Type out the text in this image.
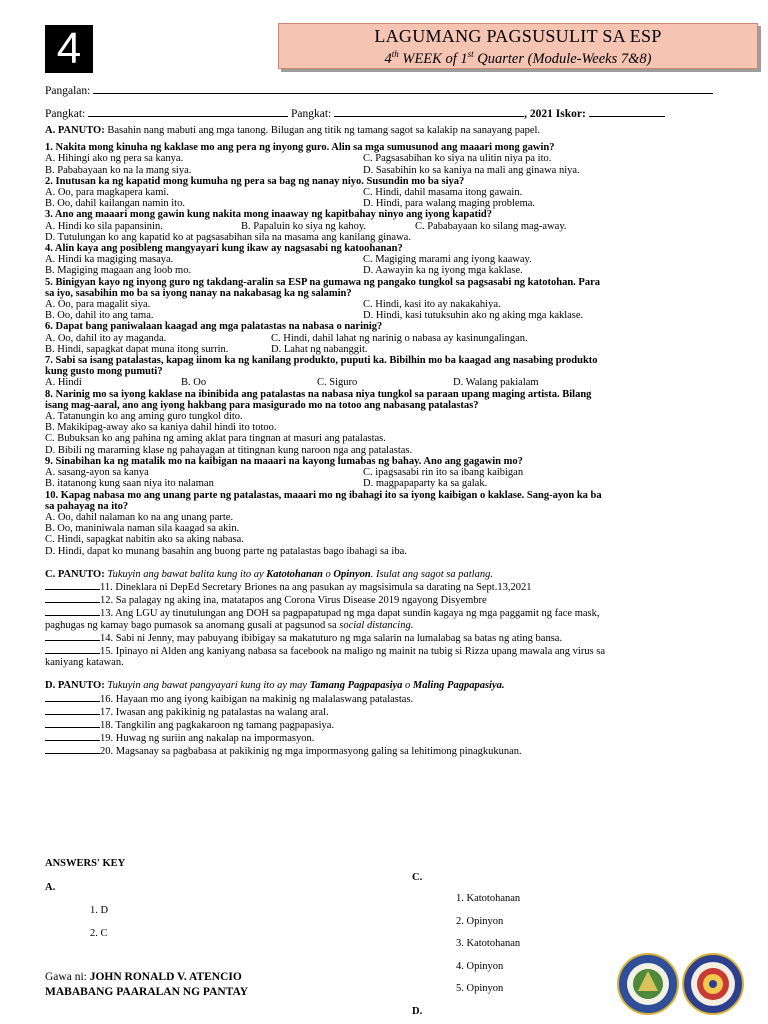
4	LAGUMANG PAGSUSULIT SA ESP
4th WEEK of 1st Quarter (Module-Weeks 7&8)
Pangalan:
Pangkat:	Pangkat:	, 2021 Iskor:
A. PANUTO: Basahin nang mabuti ang mga tanong. Bilugan ang titik ng tamang sagot sa kalakip na sanayang papel.
1. Nakita mong kinuha ng kaklase mo ang pera ng inyong guro. Alin sa mga sumusunod ang maaari mong gawin?
A. Hihingi ako ng pera sa kanya.	C. Pagsasabihan ko siya na ulitin niya pa ito.
B. Pababayaan ko na la mang siya.	D. Sasabihin ko sa kaniya na mali ang ginawa niya.
2. Inutusan ka ng kapatid mong kumuha ng pera sa bag ng nanay niyo. Susundin mo ba siya?
A. Oo, para magkapera kami.	C. Hindi, dahil masama itong gawain.
B. Oo, dahil kailangan namin ito.	D. Hindi, para walang maging problema.
3. Ano ang maaari mong gawin kung nakita mong inaaway ng kapitbahay ninyo ang iyong kapatid?
A. Hindi ko sila papansinin.	B. Papaluin ko siya ng kahoy.	C. Pababayaan ko silang mag-away.
D. Tutulungan ko ang kapatid ko at pagsasabihan sila na masama ang kanilang ginawa.
4. Alin kaya ang posibleng mangyayari kung ikaw ay nagsasabi ng katoohanan?
A. Hindi ka magiging masaya.	C. Magiging marami ang iyong kaaway.
B. Magiging magaan ang loob mo.	D. Aawayin ka ng iyong mga kaklase.
5. Binigyan kayo ng inyong guro ng takdang-aralin sa ESP na gumawa ng pangako tungkol sa pagsasabi ng katotohan. Para
sa iyo, sasabihin mo ba sa iyong nanay na nakabasag ka ng salamin?
A. Oo, para magalit siya.	C. Hindi, kasi ito ay nakakahiya.
B. Oo, dahil ito ang tama.	D. Hindi, kasi tutuksuhin ako ng aking mga kaklase.
6. Dapat bang paniwalaan kaagad ang mga palatastas na nabasa o narinig?
A. Oo, dahil ito ay maganda.	C. Hindi, dahil lahat ng narinig o nabasa ay kasinungalingan.
B. Hindi, sapagkat dapat muna itong surrin.	D. Lahat ng nabanggit.
7. Sabi sa isang patalastas, kapag iinom ka ng kanilang produkto, puputi ka. Bibilhin mo ba kaagad ang nasabing produkto
kung gusto mong pumuti?
A. Hindi	B. Oo	C. Siguro	D. Walang pakialam
8. Narinig mo sa iyong kaklase na ibinibida ang patalastas na nabasa niya tungkol sa paraan upang maging artista. Bilang
isang mag-aaral, ano ang iyong hakbang para masigurado mo na totoo ang nabasang patalastas?
A. Tatanungin ko ang aming guro tungkol dito.
B. Makikipag-away ako sa kaniya dahil hindi ito totoo.
C. Bubuksan ko ang pahina ng aming aklat para tingnan at masuri ang patalastas.
D. Bibili ng maraming klase ng pahayagan at titingnan kung naroon nga ang patalastas.
9. Sinabihan ka ng matalik mo na kaibigan na maaari na kayong lumabas ng bahay. Ano ang gagawin mo?
A. sasang-ayon sa kanya	C. ipagsasabi rin ito sa ibang kaibigan
B. itatanong kung saan niya ito nalaman	D. magpapaparty ka sa galak.
10. Kapag nabasa mo ang unang parte ng patalastas, maaari mo ng ibahagi ito sa iyong kaibigan o kaklase. Sang-ayon ka ba
sa pahayag na ito?
A. Oo, dahil nalaman ko na ang unang parte.
B. Oo, maniniwala naman sila kaagad sa akin.
C. Hindi, sapagkat nabitin ako sa aking nabasa.
D. Hindi, dapat ko munang basahin ang buong parte ng patalastas bago ibahagi sa iba.
C. PANUTO: Tukuyin ang bawat balita kung ito ay Katotohanan o Opinyon. Isulat ang sagot sa patlang.
11. Dineklara ni DepEd Secretary Briones na ang pasukan ay magsisimula sa darating na Sept.13,2021
12. Sa palagay ng aking ina, matatapos ang Corona Virus Disease 2019 ngayong Disyembre
13. Ang LGU ay tinutulungan ang DOH sa pagpapatupad ng mga dapat sundin kagaya ng mga paggamit ng face mask,
paghugas ng kamay bago pumasok sa anomang gusali at pagsunod sa social distancing.
14. Sabi ni Jenny, may pabuyang ibibigay sa makatuturo ng mga salarin na lumalabag sa batas ng ating bansa.
15. Ipinayo ni Alden ang kaniyang nabasa sa facebook na maligo ng mainit na tubig si Rizza upang mawala ang virus sa
kaniyang katawan.
D. PANUTO: Tukuyin ang bawat pangyayari kung ito ay may Tamang Pagpapasiya o Maling Pagpapasiya.
16. Hayaan mo ang iyong kaibigan na makinig ng malalaswang patalastas.
17. Iwasan ang pakikinig ng patalastas na walang aral.
18. Tangkilin ang pagkakaroon ng tamang pagpapasiya.
19. Huwag ng suriin ang nakalap na impormasyon.
20. Magsanay sa pagbabasa at pakikinig ng mga impormasyong galing sa lehitimong pinagkukunan.
ANSWERS' KEY
A.
1. D
2. C
C.
1. Katotohanan
2. Opinyon
3. Katotohanan
4. Opinyon
5. Opinyon
D.
Gawa ni: JOHN RONALD V. ATENCIO
MABABANG PAARALAN NG PANTAY
